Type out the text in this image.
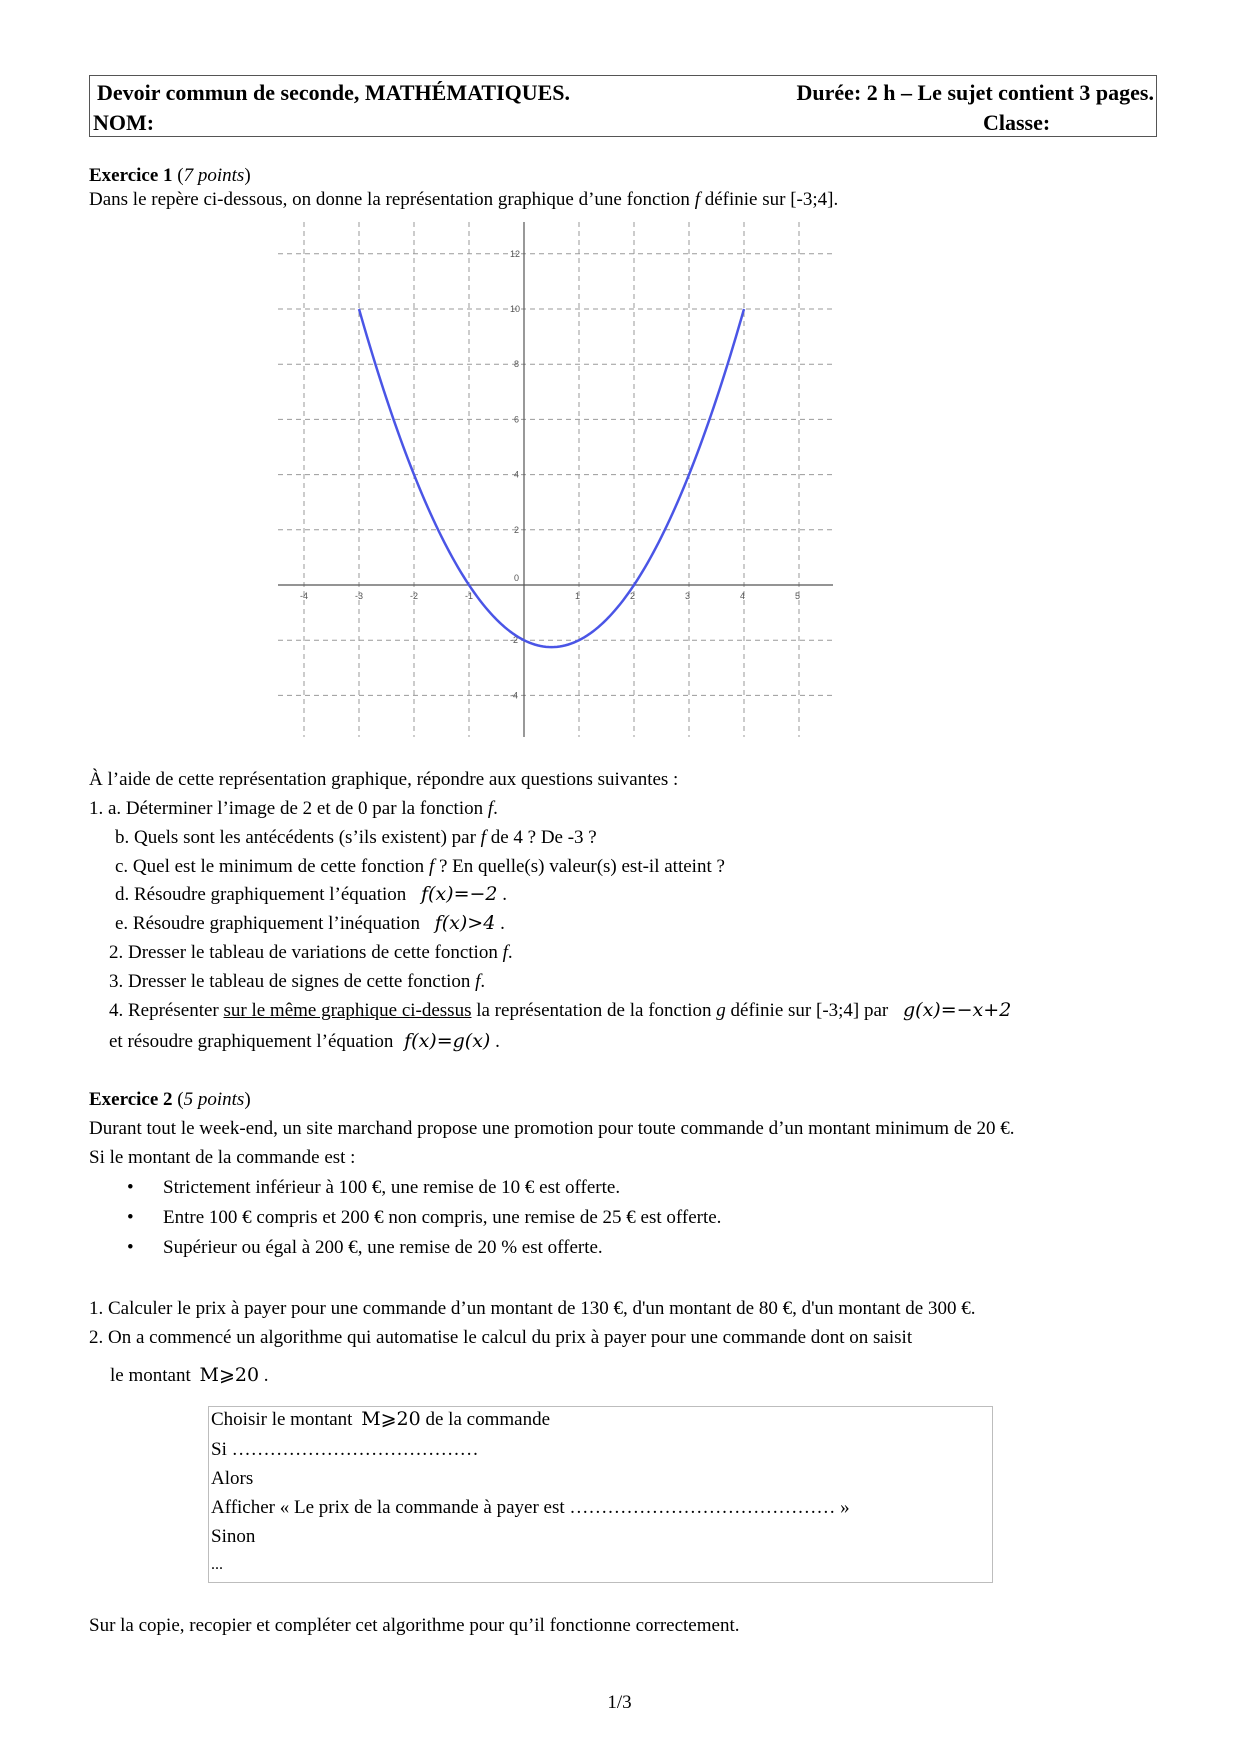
Devoir commun de seconde, MATHÉMATIQUES.	Durée: 2 h – Le sujet contient 3 pages.
NOM:	Classe:
Exercice 1 (7 points)
Dans le repère ci-dessous, on donne la représentation graphique d’une fonction f définie sur [-3;4].
-4	-3	-2	-1	1	2	3	4	5
-4
-2
0
2
4
6
8
10
12
À l’aide de cette représentation graphique, répondre aux questions suivantes :
1. a. Déterminer l’image de 2 et de 0 par la fonction f.
b. Quels sont les antécédents (s’ils existent) par f de 4 ? De -3 ?
c. Quel est le minimum de cette fonction f ? En quelle(s) valeur(s) est-il atteint ?
d. Résoudre graphiquement l’équation f(x)=−2 .
e. Résoudre graphiquement l’inéquation f(x)>4 .
2. Dresser le tableau de variations de cette fonction f.
3. Dresser le tableau de signes de cette fonction f.
4. Représenter sur le même graphique ci-dessus la représentation de la fonction g définie sur [-3;4] par g(x)=−x+2
et résoudre graphiquement l’équation f(x)=g(x) .
Exercice 2 (5 points)
Durant tout le week-end, un site marchand propose une promotion pour toute commande d’un montant minimum de 20 €.
Si le montant de la commande est :
• Strictement inférieur à 100 €, une remise de 10 € est offerte.
• Entre 100 € compris et 200 € non compris, une remise de 25 € est offerte.
• Supérieur ou égal à 200 €, une remise de 20 % est offerte.
1. Calculer le prix à payer pour une commande d’un montant de 130 €, d'un montant de 80 €, d'un montant de 300 €.
2. On a commencé un algorithme qui automatise le calcul du prix à payer pour une commande dont on saisit
le montant M⩾20 .
Choisir le montant M⩾20 de la commande
Si …………………………………
Alors
Afficher « Le prix de la commande à payer est …………………………………… »
Sinon
...
Sur la copie, recopier et compléter cet algorithme pour qu’il fonctionne correctement.
1/3
